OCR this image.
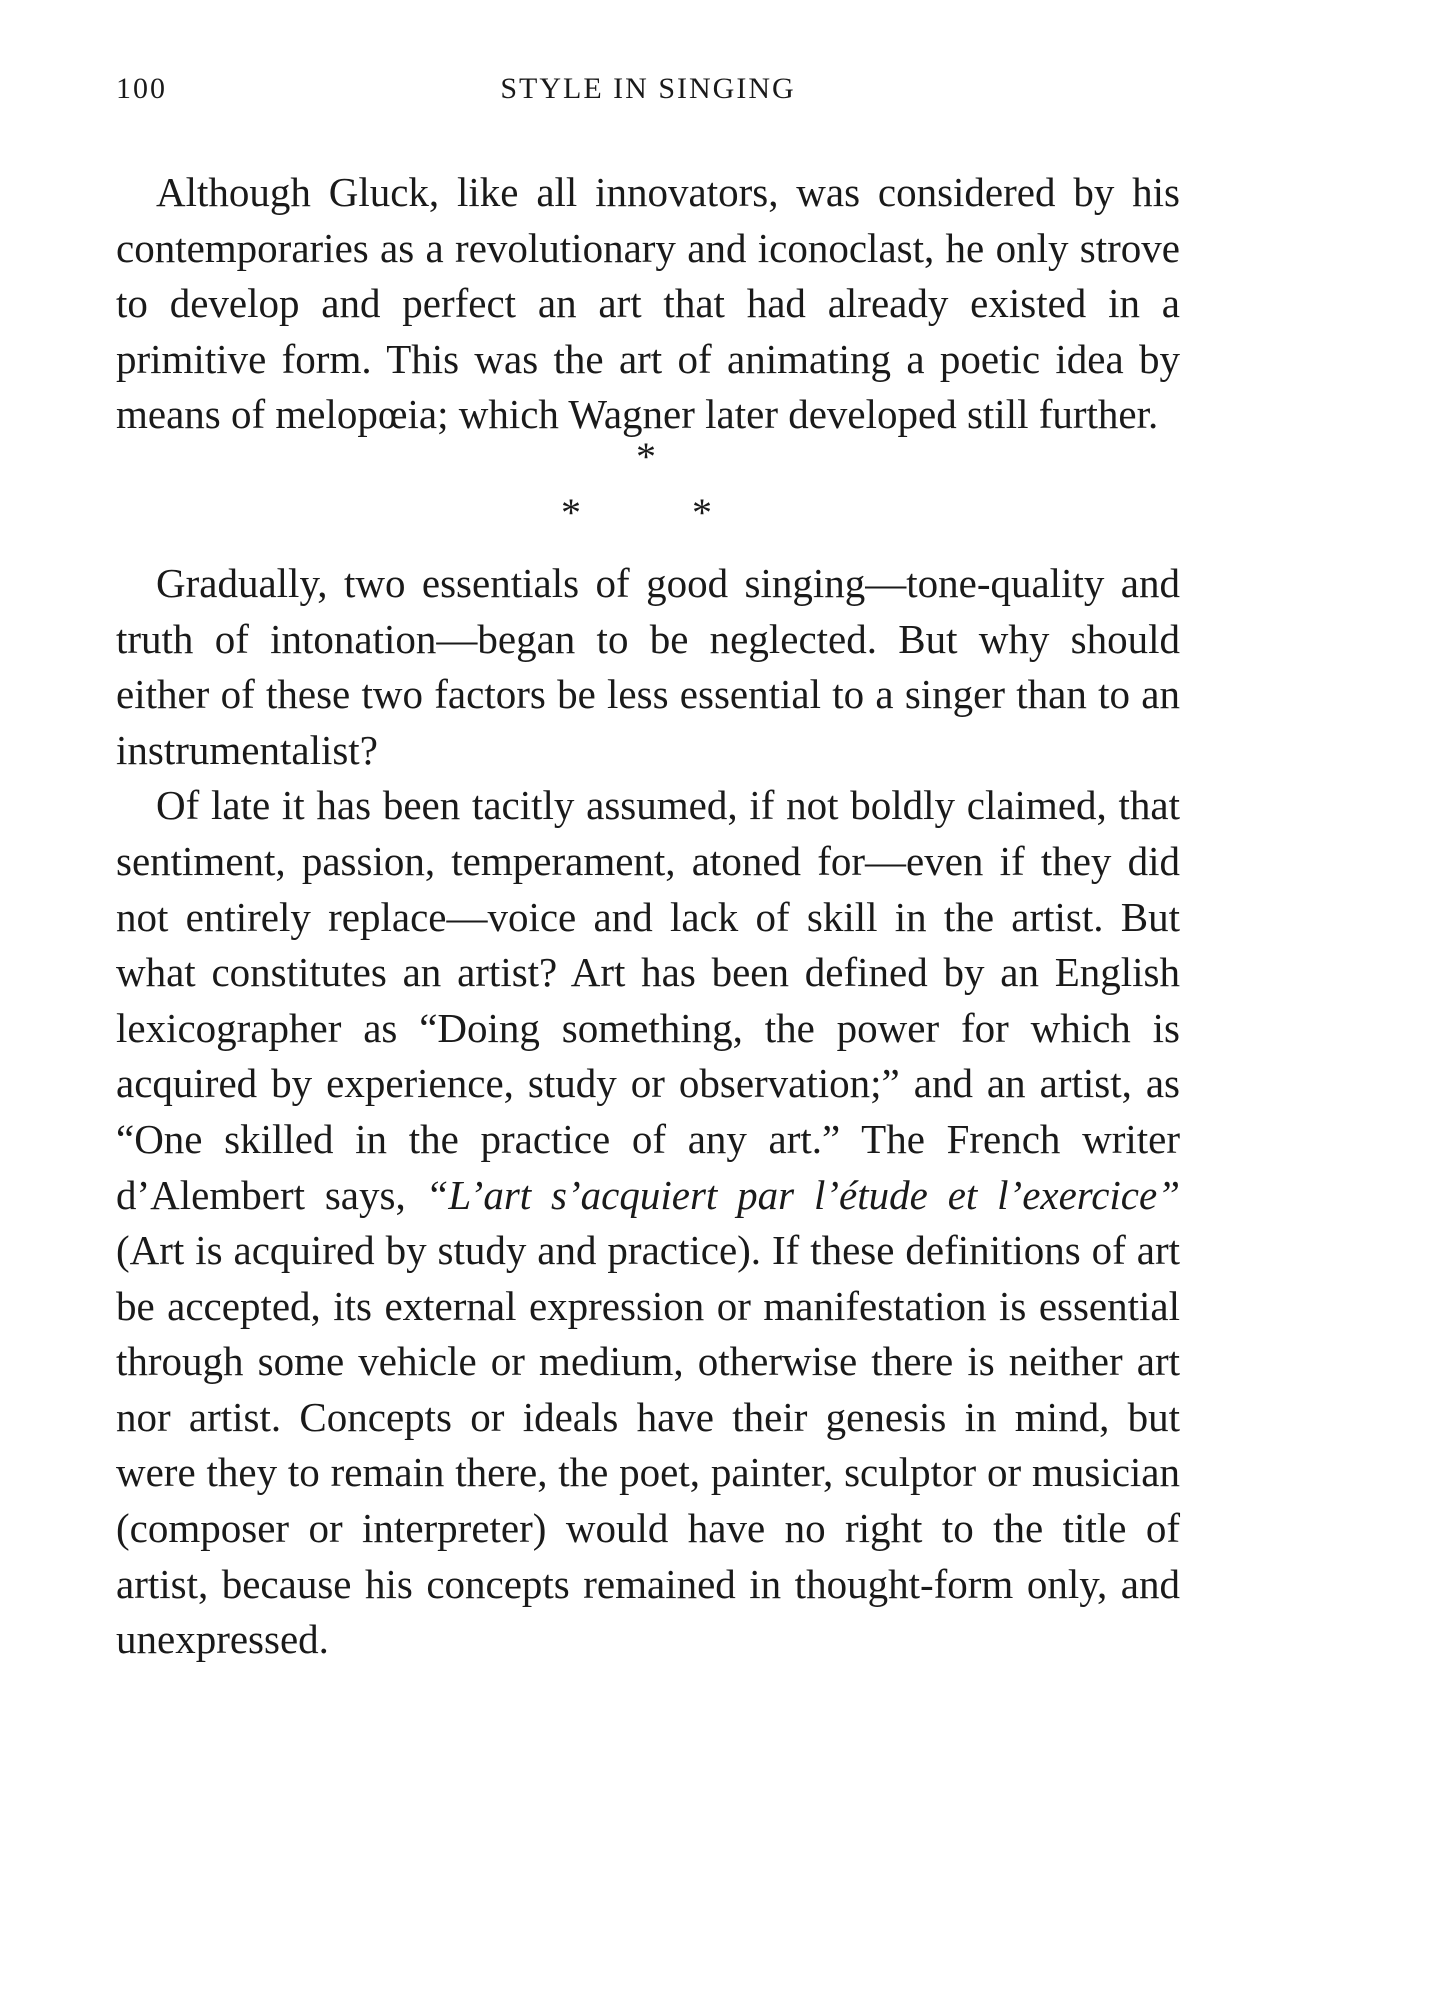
100	STYLE IN SINGING

Although Gluck, like all innovators, was considered by his contemporaries as a revolutionary and iconoclast, he only strove to develop and perfect an art that had already existed in a primitive form. This was the art of animating a poetic idea by means of melopœia; which Wagner later developed still further.

*
*	*

Gradually, two essentials of good singing—tone-quality and truth of intonation—began to be neglected. But why should either of these two factors be less essential to a singer than to an instrumentalist?

Of late it has been tacitly assumed, if not boldly claimed, that sentiment, passion, temperament, atoned for—even if they did not entirely replace—voice and lack of skill in the artist. But what constitutes an artist? Art has been defined by an English lexicographer as “Doing something, the power for which is acquired by experience, study or observation;” and an artist, as “One skilled in the practice of any art.” The French writer d’Alembert says, “L’art s’acquiert par l’étude et l’exercice” (Art is acquired by study and practice). If these definitions of art be accepted, its external expression or manifestation is essential through some vehicle or medium, otherwise there is neither art nor artist. Concepts or ideals have their genesis in mind, but were they to remain there, the poet, painter, sculptor or musician (composer or interpreter) would have no right to the title of artist, because his concepts remained in thought-form only, and unexpressed.
